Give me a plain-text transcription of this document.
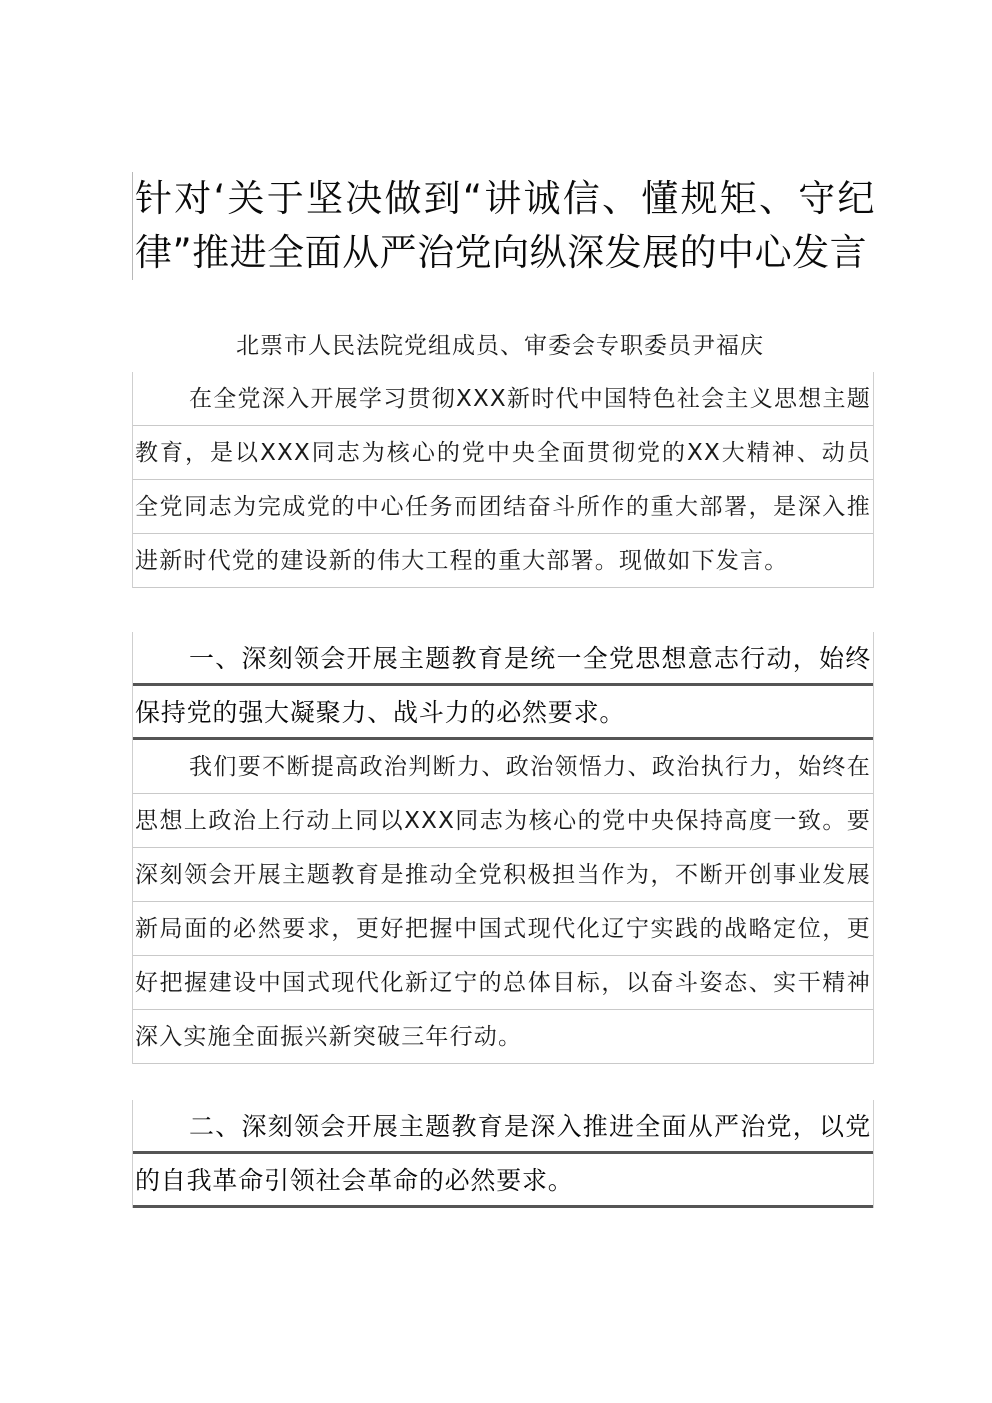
针对‘关于坚决做到“讲诚信、懂规矩、守纪律”推进全面从严治党向纵深发展的中心发言
北票市人民法院党组成员、审委会专职委员尹福庆
在全党深入开展学习贯彻XXX新时代中国特色社会主义思想主题教育，是以XXX同志为核心的党中央全面贯彻党的XX大精神、动员全党同志为完成党的中心任务而团结奋斗所作的重大部署，是深入推进新时代党的建设新的伟大工程的重大部署。现做如下发言。
一、深刻领会开展主题教育是统一全党思想意志行动，始终保持党的强大凝聚力、战斗力的必然要求。
我们要不断提高政治判断力、政治领悟力、政治执行力，始终在思想上政治上行动上同以XXX同志为核心的党中央保持高度一致。要深刻领会开展主题教育是推动全党积极担当作为，不断开创事业发展新局面的必然要求，更好把握中国式现代化辽宁实践的战略定位，更好把握建设中国式现代化新辽宁的总体目标，以奋斗姿态、实干精神深入实施全面振兴新突破三年行动。
二、深刻领会开展主题教育是深入推进全面从严治党，以党的自我革命引领社会革命的必然要求。
